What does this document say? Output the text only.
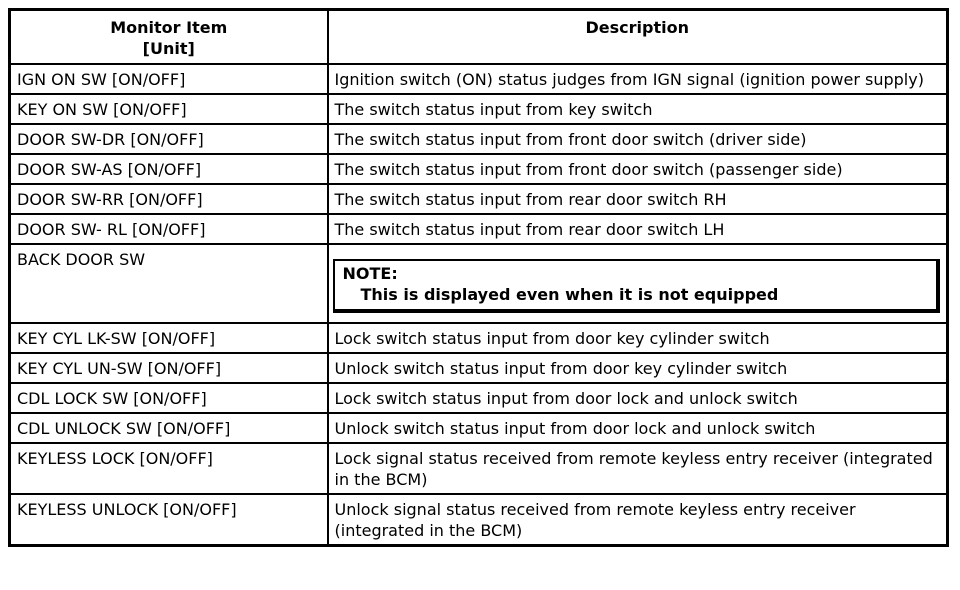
Monitor Item
[Unit]	Description
IGN ON SW [ON/OFF]	Ignition switch (ON) status judges from IGN signal (ignition power supply)
KEY ON SW [ON/OFF]	The switch status input from key switch
DOOR SW-DR [ON/OFF]	The switch status input from front door switch (driver side)
DOOR SW-AS [ON/OFF]	The switch status input from front door switch (passenger side)
DOOR SW-RR [ON/OFF]	The switch status input from rear door switch RH
DOOR SW- RL [ON/OFF]	The switch status input from rear door switch LH
BACK DOOR SW	NOTE:
This is displayed even when it is not equipped

KEY CYL LK-SW [ON/OFF]	Lock switch status input from door key cylinder switch
KEY CYL UN-SW [ON/OFF]	Unlock switch status input from door key cylinder switch
CDL LOCK SW [ON/OFF]	Lock switch status input from door lock and unlock switch
CDL UNLOCK SW [ON/OFF]	Unlock switch status input from door lock and unlock switch
KEYLESS LOCK [ON/OFF]	Lock signal status received from remote keyless entry receiver (integrated in the BCM)
KEYLESS UNLOCK [ON/OFF]	Unlock signal status received from remote keyless entry receiver (integrated in the BCM)
